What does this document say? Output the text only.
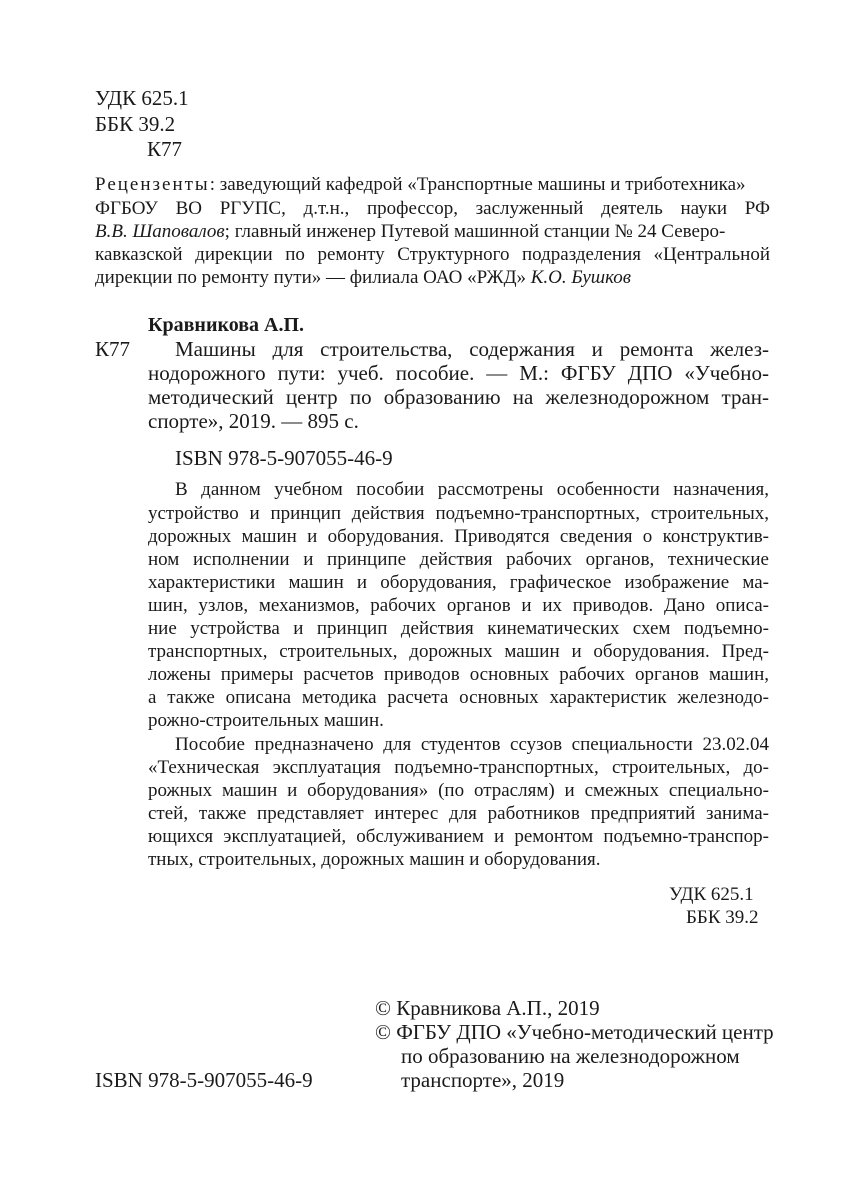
УДК 625.1
ББК 39.2
К77
Рецензенты: заведующий кафедрой «Транспортные машины и триботехника»
ФГБОУ ВО РГУПС, д.т.н., профессор, заслуженный деятель науки РФ
В.В. Шаповалов; главный инженер Путевой машинной станции № 24 Северо-
кавказской дирекции по ремонту Структурного подразделения «Центральной
дирекции по ремонту пути» — филиала ОАО «РЖД» К.О. Бушков
Кравникова А.П.
К77 Машины для строительства, содержания и ремонта желез-
нодорожного пути: учеб. пособие. — М.: ФГБУ ДПО «Учебно-
методический центр по образованию на железнодорожном тран-
спорте», 2019. — 895 с.
ISBN 978-5-907055-46-9
В данном учебном пособии рассмотрены особенности назначения,
устройство и принцип действия подъемно-транспортных, строительных,
дорожных машин и оборудования. Приводятся сведения о конструктив-
ном исполнении и принципе действия рабочих органов, технические
характеристики машин и оборудования, графическое изображение ма-
шин, узлов, механизмов, рабочих органов и их приводов. Дано описа-
ние устройства и принцип действия кинематических схем подъемно-
транспортных, строительных, дорожных машин и оборудования. Пред-
ложены примеры расчетов приводов основных рабочих органов машин,
а также описана методика расчета основных характеристик железнодо-
рожно-строительных машин.
Пособие предназначено для студентов ссузов специальности 23.02.04
«Техническая эксплуатация подъемно-транспортных, строительных, до-
рожных машин и оборудования» (по отраслям) и смежных специально-
стей, также представляет интерес для работников предприятий занима-
ющихся эксплуатацией, обслуживанием и ремонтом подъемно-транспор-
тных, строительных, дорожных машин и оборудования.
УДК 625.1
ББК 39.2
© Кравникова А.П., 2019
© ФГБУ ДПО «Учебно-методический центр
по образованию на железнодорожном
транспорте», 2019
ISBN 978-5-907055-46-9
